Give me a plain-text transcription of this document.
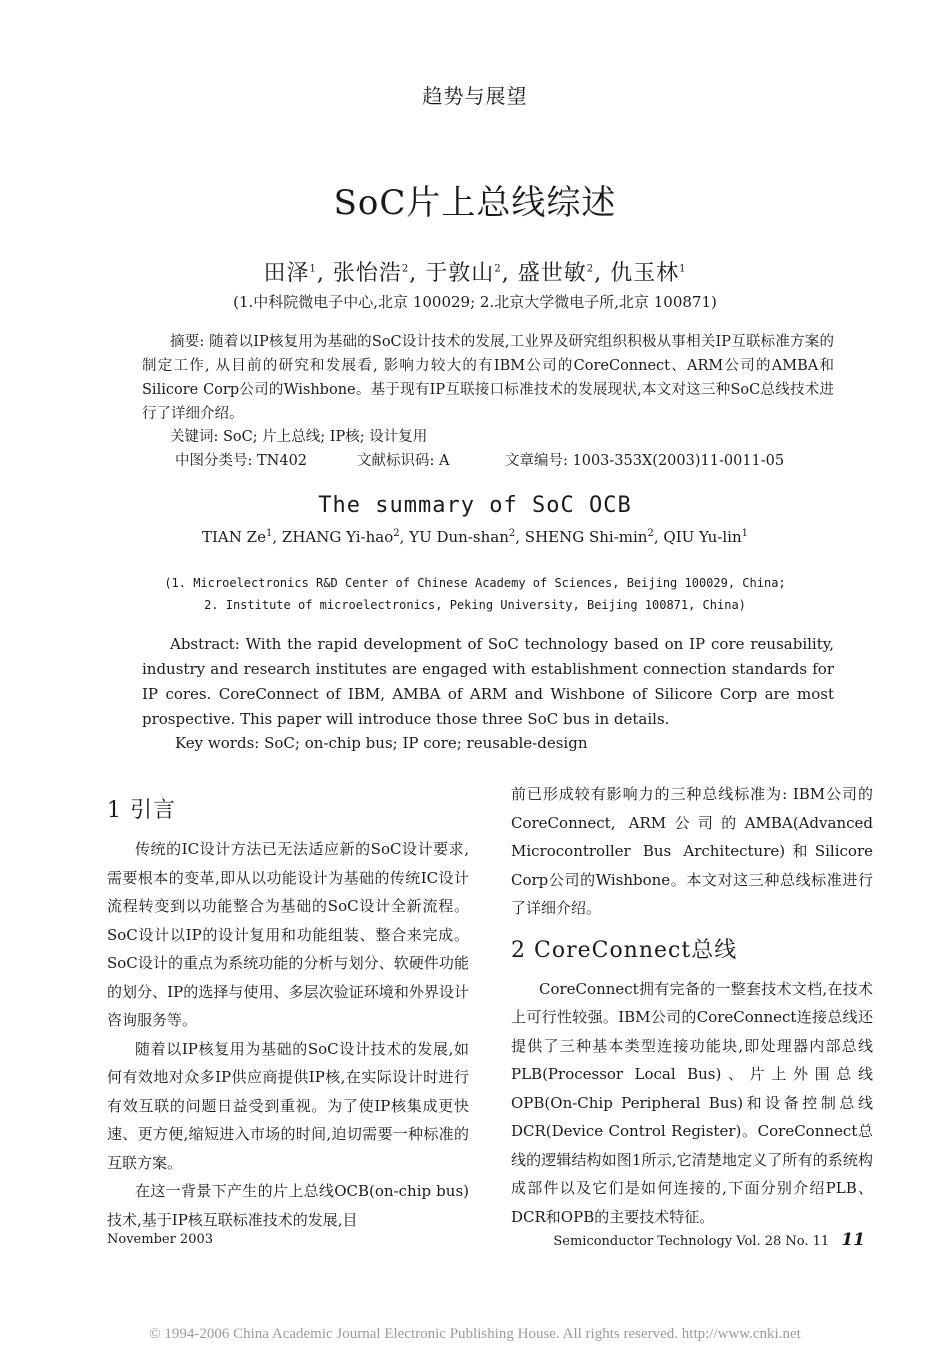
趋势与展望
SoC片上总线综述
田泽$^1$, 张怡浩$^2$, 于敦山$^2$, 盛世敏$^2$, 仇玉林$^1$
(1.中科院微电子中心,北京 100029; 2.北京大学微电子所,北京 100871)
摘要: 随着以IP核复用为基础的SoC设计技术的发展,工业界及研究组织积极从事相关IP互联标准方案的制定工作, 从目前的研究和发展看, 影响力较大的有IBM公司的CoreConnect、ARM公司的AMBA和Silicore Corp公司的Wishbone。基于现有IP互联接口标准技术的发展现状,本文对这三种SoC总线技术进行了详细介绍。
关键词: SoC; 片上总线; IP核; 设计复用
中图分类号: TN402	文献标识码: A	文章编号: 1003-353X(2003)11-0011-05
The summary of SoC OCB
TIAN Ze$^1$, ZHANG Yi-hao$^2$, YU Dun-shan$^2$, SHENG Shi-$\min^2$, QIU Yu-lin$^1$
(1. Microelectronics R&D Center of Chinese Academy of Sciences, Beijing 100029, China;
2. Institute of microelectronics, Peking University, Beijing 100871, China)
Abstract: With the rapid development of SoC technology based on IP core reusability, industry and research institutes are engaged with establishment connection standards for IP cores. CoreConnect of IBM, AMBA of ARM and Wishbone of Silicore Corp are most prospective. This paper will introduce those three SoC bus in details.
Key words: SoC; on-chip bus; IP core; reusable-design
1 引言

传统的IC设计方法已无法适应新的SoC设计要求,需要根本的变革,即从以功能设计为基础的传统IC设计流程转变到以功能整合为基础的SoC设计全新流程。SoC设计以IP的设计复用和功能组装、整合来完成。SoC设计的重点为系统功能的分析与划分、软硬件功能的划分、IP的选择与使用、多层次验证环境和外界设计咨询服务等。

随着以IP核复用为基础的SoC设计技术的发展,如何有效地对众多IP供应商提供IP核,在实际设计时进行有效互联的问题日益受到重视。为了使IP核集成更快速、更方便,缩短进入市场的时间,迫切需要一种标准的互联方案。

在这一背景下产生的片上总线OCB(on-chip bus)技术,基于IP核互联标准技术的发展,目

前已形成较有影响力的三种总线标准为: IBM公司的CoreConnect, ARM公司的AMBA(Advanced Microcontroller Bus Architecture)和Silicore Corp公司的Wishbone。本文对这三种总线标准进行了详细介绍。

2 CoreConnect总线

CoreConnect拥有完备的一整套技术文档,在技术上可行性较强。IBM公司的CoreConnect连接总线还提供了三种基本类型连接功能块,即处理器内部总线PLB(Processor Local Bus)、片上外围总线OPB(On-Chip Peripheral Bus)和设备控制总线DCR(Device Control Register)。CoreConnect总线的逻辑结构如图1所示,它清楚地定义了所有的系统构成部件以及它们是如何连接的,下面分别介绍PLB、DCR和OPB的主要技术特征。

November 2003	Semiconductor Technology Vol. 28 No. 11 11
© 1994-2006 China Academic Journal Electronic Publishing House. All rights reserved. http://www.cnki.net
